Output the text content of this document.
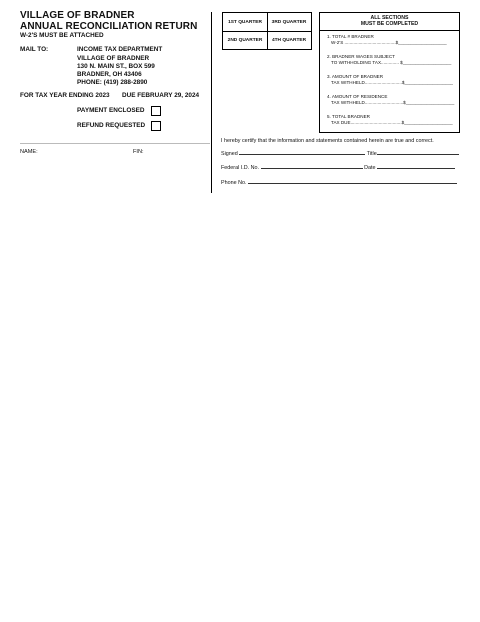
VILLAGE OF BRADNER
ANNUAL RECONCILIATION RETURN
W-2'S MUST BE ATTACHED
MAIL TO:	INCOME TAX DEPARTMENT
VILLAGE OF BRADNER
130 N. MAIN ST., BOX 599
BRADNER, OH 43406
PHONE: (419) 288-2890
FOR TAX YEAR ENDING 2023 DUE FEBRUARY 29, 2024
PAYMENT ENCLOSED
REFUND REQUESTED
NAME:	FIN:
1ST QUARTER	3RD QUARTER
2ND QUARTER	4TH QUARTER
ALL SECTIONS
MUST BE COMPLETED
1. TOTAL # BRADNER
W-2'S ........................................$___________________
2. BRADNER WAGES SUBJECT
TO WITHHOLDING TAX.............. $___________________
3. AMOUNT OF BRADNER
TAX WITHHELD.............................$___________________
4. AMOUNT OF RESIDENCE
TAX WITHHELD..............................$___________________
5. TOTAL BRADNER
TAX DUE........................................$___________________
I hereby certify that the information and statements contained herein are true and correct.
Signed	Title
Federal I.D. No.	Date
Phone No.
